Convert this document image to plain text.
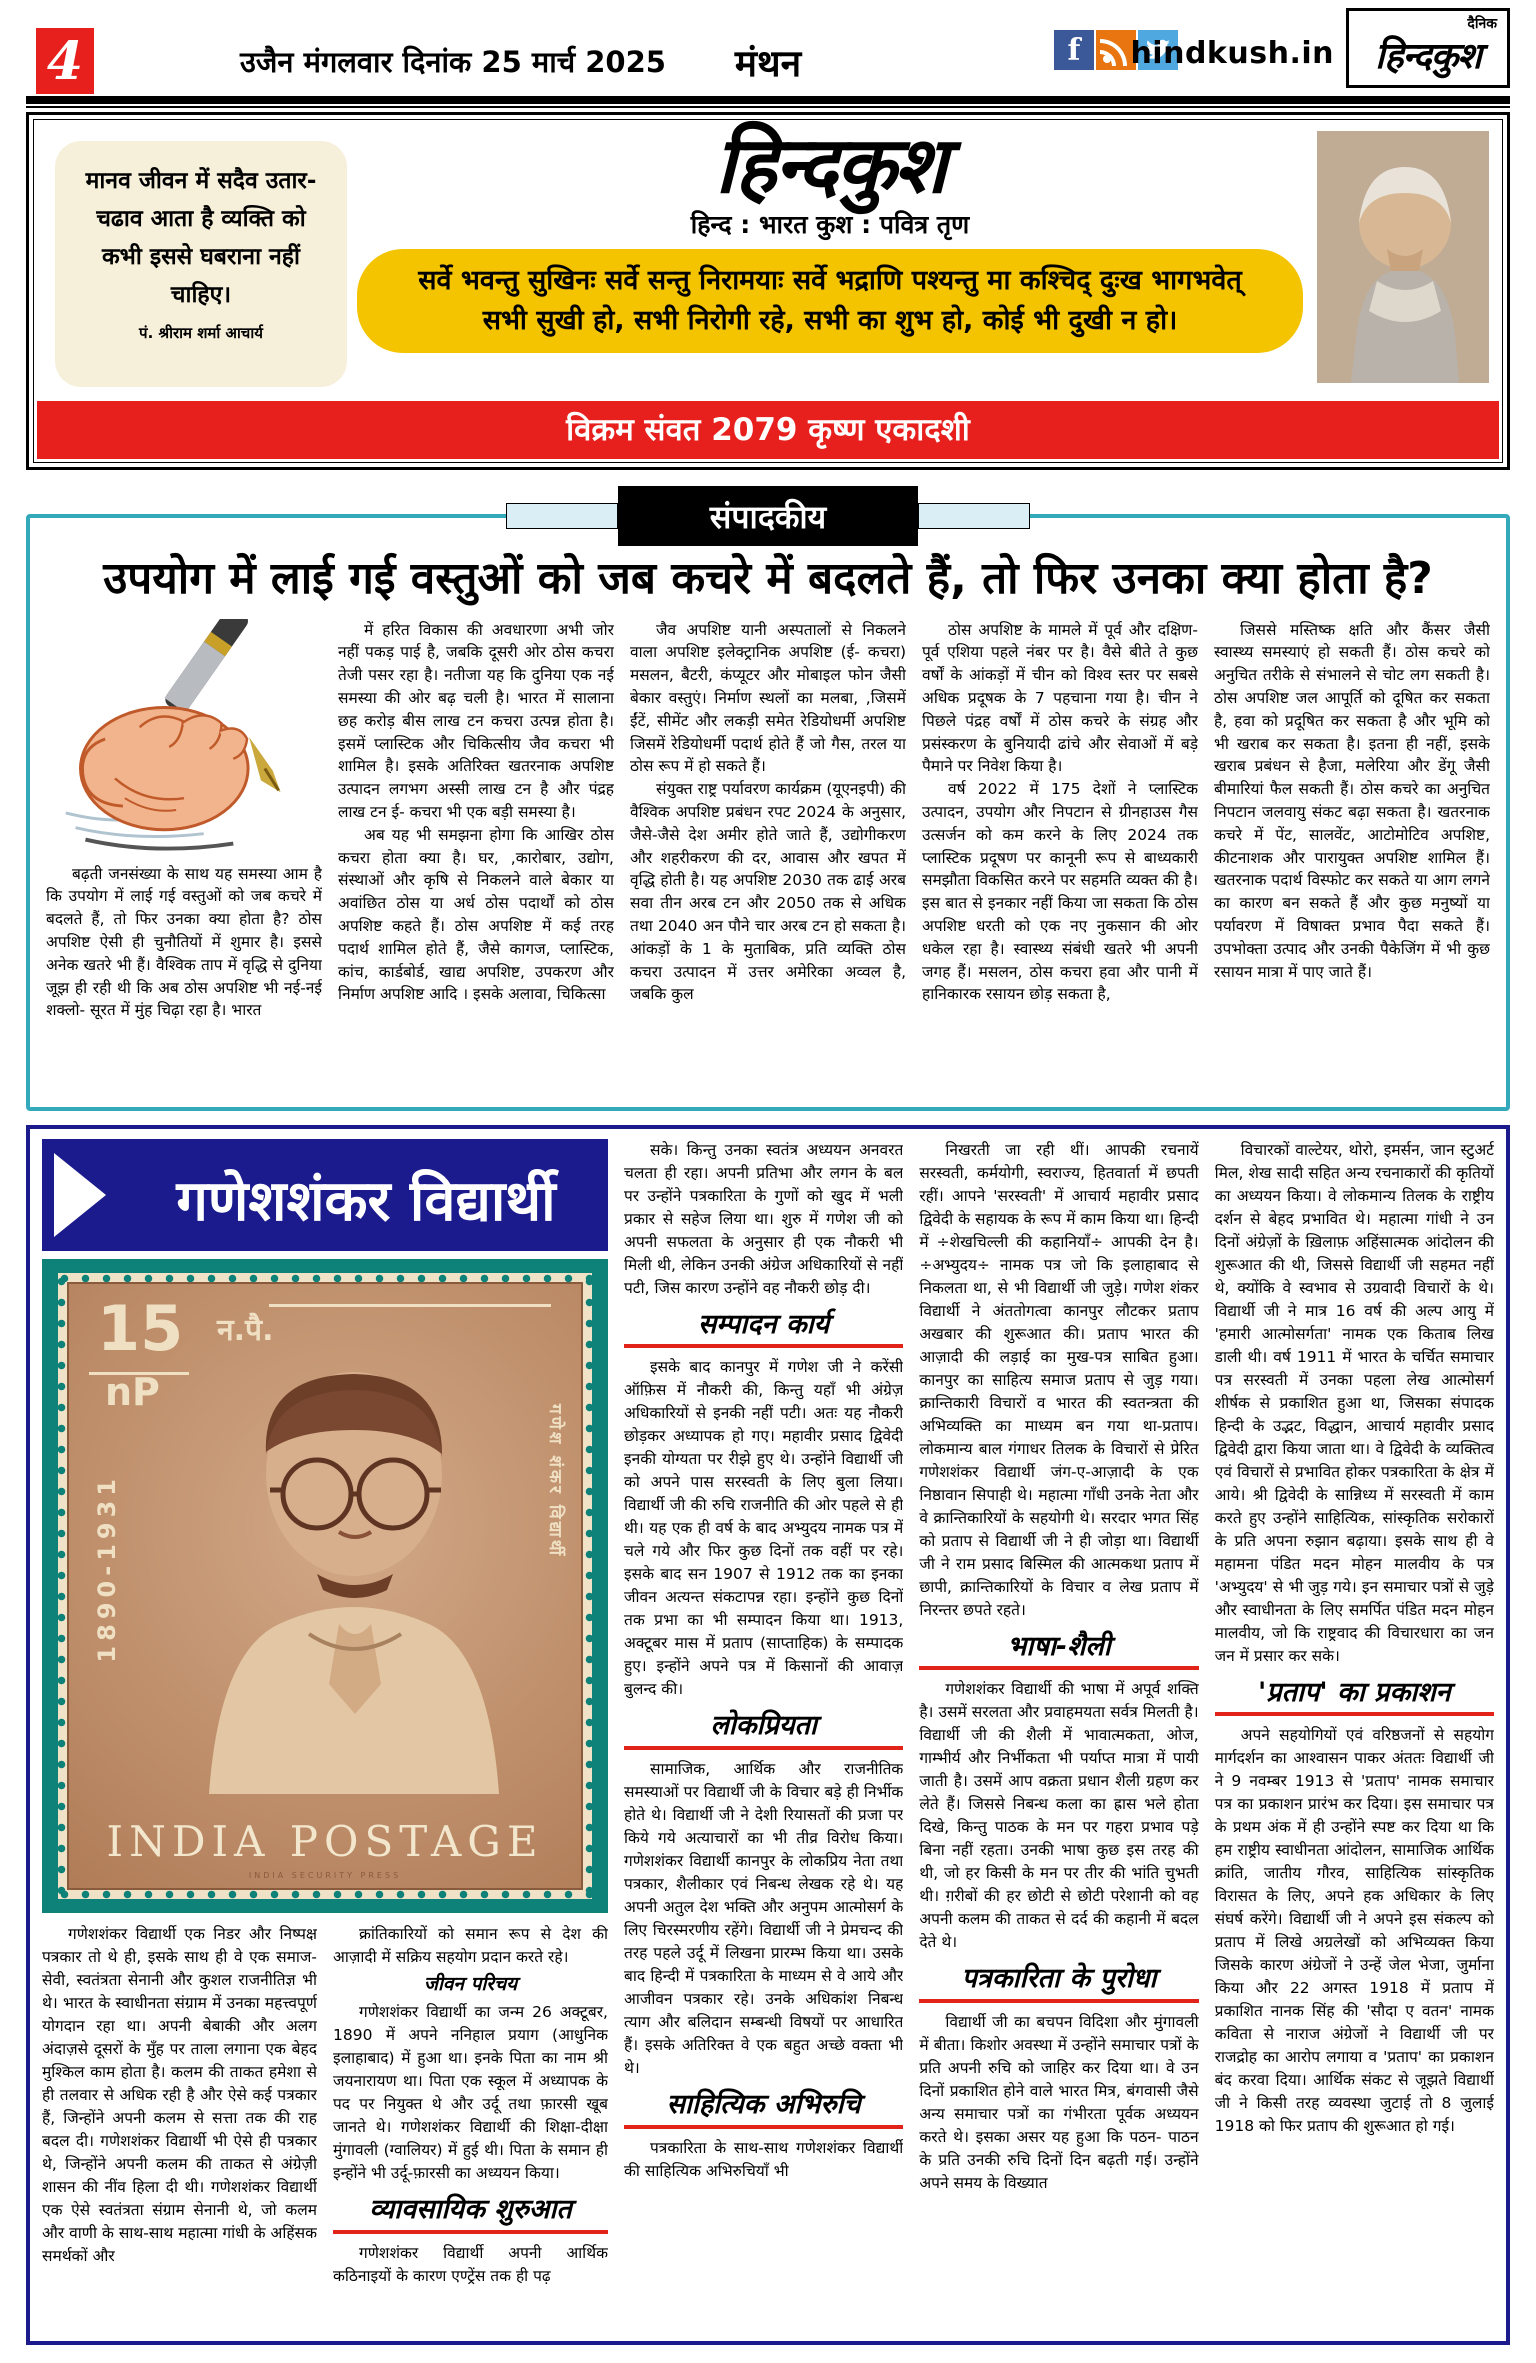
4	उजैन मंगलवार दिनांक 25 मार्च 2025 मंथन	f	hindkush.in
दैनिक
हिन्दकुश
मानव जीवन में सदैव उतार-चढाव आता है व्यक्ति को कभी इससे घबराना नहीं चाहिए।
पं. श्रीराम शर्मा आचार्य
हिन्दकुश
हिन्द : भारत कुश : पवित्र तृण
सर्वे भवन्तु सुखिनः सर्वे सन्तु निरामयाः सर्वे भद्राणि पश्यन्तु मा कश्चिद् दुःख भागभवेत्
सभी सुखी हो, सभी निरोगी रहे, सभी का शुभ हो, कोई भी दुखी न हो।
विक्रम संवत 2079 कृष्ण एकादशी
संपादकीय
उपयोग में लाई गई वस्तुओं को जब कचरे में बदलते हैं, तो फिर उनका क्या होता है?

बढ़ती जनसंख्या के साथ यह समस्या आम है कि उपयोग में लाई गई वस्तुओं को जब कचरे में बदलते हैं, तो फिर उनका क्या होता है? ठोस अपशिष्ट ऐसी ही चुनौतियों में शुमार है। इससे अनेक खतरे भी हैं। वैश्विक ताप में वृद्धि से दुनिया जूझ ही रही थी कि अब ठोस अपशिष्ट भी नई-नई शक्लो- सूरत में मुंह चिढ़ा रहा है। भारत

में हरित विकास की अवधारणा अभी जोर नहीं पकड़ पाई है, जबकि दूसरी ओर ठोस कचरा तेजी पसर रहा है। नतीजा यह कि दुनिया एक नई समस्या की ओर बढ़ चली है। भारत में सालाना छह करोड़ बीस लाख टन कचरा उत्पन्न होता है। इसमें प्लास्टिक और चिकित्सीय जैव कचरा भी शामिल है। इसके अतिरिक्त खतरनाक अपशिष्ट उत्पादन लगभग अस्सी लाख टन है और पंद्रह लाख टन ई- कचरा भी एक बड़ी समस्या है।

अब यह भी समझना होगा कि आखिर ठोस कचरा होता क्या है। घर, ,कारोबार, उद्योग, संस्थाओं और कृषि से निकलने वाले बेकार या अवांछित ठोस या अर्ध ठोस पदार्थों को ठोस अपशिष्ट कहते हैं। ठोस अपशिष्ट में कई तरह पदार्थ शामिल होते हैं, जैसे कागज, प्लास्टिक, कांच, कार्डबोर्ड, खाद्य अपशिष्ट, उपकरण और निर्माण अपशिष्ट आदि । इसके अलावा, चिकित्सा

जैव अपशिष्ट यानी अस्पतालों से निकलने वाला अपशिष्ट इलेक्ट्रानिक अपशिष्ट (ई- कचरा) मसलन, बैटरी, कंप्यूटर और मोबाइल फोन जैसी बेकार वस्तुएं। निर्माण स्थलों का मलबा, ,जिसमें ईंटें, सीमेंट और लकड़ी समेत रेडियोधर्मी अपशिष्ट जिसमें रेडियोधर्मी पदार्थ होते हैं जो गैस, तरल या ठोस रूप में हो सकते हैं।

संयुक्त राष्ट्र पर्यावरण कार्यक्रम (यूएनइपी) की वैश्विक अपशिष्ट प्रबंधन रपट 2024 के अनुसार, जैसे-जैसे देश अमीर होते जाते हैं, उद्योगीकरण और शहरीकरण की दर, आवास और खपत में वृद्धि होती है। यह अपशिष्ट 2030 तक ढाई अरब सवा तीन अरब टन और 2050 तक से अधिक तथा 2040 अन पौने चार अरब टन हो सकता है। आंकड़ों के 1 के मुताबिक, प्रति व्यक्ति ठोस कचरा उत्पादन में उत्तर अमेरिका अव्वल है, जबकि कुल

ठोस अपशिष्ट के मामले में पूर्व और दक्षिण- पूर्व एशिया पहले नंबर पर है। वैसे बीते ते कुछ वर्षों के आंकड़ों में चीन को विश्व स्तर पर सबसे अधिक प्रदूषक के 7 पहचाना गया है। चीन ने पिछले पंद्रह वर्षों में ठोस कचरे के संग्रह और प्रसंस्करण के बुनियादी ढांचे और सेवाओं में बड़े पैमाने पर निवेश किया है।

वर्ष 2022 में 175 देशों ने प्लास्टिक उत्पादन, उपयोग और निपटान से ग्रीनहाउस गैस उत्सर्जन को कम करने के लिए 2024 तक प्लास्टिक प्रदूषण पर कानूनी रूप से बाध्यकारी समझौता विकसित करने पर सहमति व्यक्त की है। इस बात से इनकार नहीं किया जा सकता कि ठोस अपशिष्ट धरती को एक नए नुकसान की ओर धकेल रहा है। स्वास्थ्य संबंधी खतरे भी अपनी जगह हैं। मसलन, ठोस कचरा हवा और पानी में हानिकारक रसायन छोड़ सकता है,

जिससे मस्तिष्क क्षति और कैंसर जैसी स्वास्थ्य समस्याएं हो सकती हैं। ठोस कचरे को अनुचित तरीके से संभालने से चोट लग सकती है। ठोस अपशिष्ट जल आपूर्ति को दूषित कर सकता है, हवा को प्रदूषित कर सकता है और भूमि को भी खराब कर सकता है। इतना ही नहीं, इसके खराब प्रबंधन से हैजा, मलेरिया और डेंगू जैसी बीमारियां फैल सकती हैं। ठोस कचरे का अनुचित निपटान जलवायु संकट बढ़ा सकता है। खतरनाक कचरे में पेंट, सालवेंट, आटोमोटिव अपशिष्ट, कीटनाशक और पारायुक्त अपशिष्ट शामिल हैं। खतरनाक पदार्थ विस्फोट कर सकते या आग लगने का कारण बन सकते हैं और कुछ मनुष्यों या पर्यावरण में विषाक्त प्रभाव पैदा सकते हैं। उपभोक्ता उत्पाद और उनकी पैकेजिंग में भी कुछ रसायन मात्रा में पाए जाते हैं।

गणेशशंकर विद्यार्थी
15 न.पै.
nP
1890-1931	गणेश शंकर विद्यार्थी
INDIA POSTAGE
INDIA SECURITY PRESS

गणेशशंकर विद्यार्थी एक निडर और निष्पक्ष पत्रकार तो थे ही, इसके साथ ही वे एक समाज-सेवी, स्वतंत्रता सेनानी और कुशल राजनीतिज्ञ भी थे। भारत के स्वाधीनता संग्राम में उनका महत्त्वपूर्ण योगदान रहा था। अपनी बेबाकी और अलग अंदाज़से दूसरों के मुँह पर ताला लगाना एक बेहद मुश्किल काम होता है। कलम की ताकत हमेशा से ही तलवार से अधिक रही है और ऐसे कई पत्रकार हैं, जिन्होंने अपनी कलम से सत्ता तक की राह बदल दी। गणेशशंकर विद्यार्थी भी ऐसे ही पत्रकार थे, जिन्होंने अपनी कलम की ताकत से अंग्रेज़ी शासन की नींव हिला दी थी। गणेशशंकर विद्यार्थी एक ऐसे स्वतंत्रता संग्राम सेनानी थे, जो कलम और वाणी के साथ-साथ महात्मा गांधी के अहिंसक समर्थकों और

क्रांतिकारियों को समान रूप से देश की आज़ादी में सक्रिय सहयोग प्रदान करते रहे।

जीवन परिचय

गणेशशंकर विद्यार्थी का जन्म 26 अक्टूबर, 1890 में अपने ननिहाल प्रयाग (आधुनिक इलाहाबाद) में हुआ था। इनके पिता का नाम श्री जयनारायण था। पिता एक स्कूल में अध्यापक के पद पर नियुक्त थे और उर्दू तथा फ़ारसी खूब जानते थे। गणेशशंकर विद्यार्थी की शिक्षा-दीक्षा मुंगावली (ग्वालियर) में हुई थी। पिता के समान ही इन्होंने भी उर्दू-फ़ारसी का अध्ययन किया।

व्यावसायिक शुरुआत

गणेशशंकर विद्यार्थी अपनी आर्थिक कठिनाइयों के कारण एण्ट्रेंस तक ही पढ़

सके। किन्तु उनका स्वतंत्र अध्ययन अनवरत चलता ही रहा। अपनी प्रतिभा और लगन के बल पर उन्होंने पत्रकारिता के गुणों को खुद में भली प्रकार से सहेज लिया था। शुरु में गणेश जी को अपनी सफलता के अनुसार ही एक नौकरी भी मिली थी, लेकिन उनकी अंग्रेज अधिकारियों से नहीं पटी, जिस कारण उन्होंने वह नौकरी छोड़ दी।

सम्पादन कार्य

इसके बाद कानपुर में गणेश जी ने करेंसी ऑफ़िस में नौकरी की, किन्तु यहाँ भी अंग्रेज़ अधिकारियों से इनकी नहीं पटी। अतः यह नौकरी छोड़कर अध्यापक हो गए। महावीर प्रसाद द्विवेदी इनकी योग्यता पर रीझे हुए थे। उन्होंने विद्यार्थी जी को अपने पास सरस्वती के लिए बुला लिया। विद्यार्थी जी की रुचि राजनीति की ओर पहले से ही थी। यह एक ही वर्ष के बाद अभ्युदय नामक पत्र में चले गये और फिर कुछ दिनों तक वहीं पर रहे। इसके बाद सन 1907 से 1912 तक का इनका जीवन अत्यन्त संकटापन्न रहा। इन्होंने कुछ दिनों तक प्रभा का भी सम्पादन किया था। 1913, अक्टूबर मास में प्रताप (साप्ताहिक) के सम्पादक हुए। इन्होंने अपने पत्र में किसानों की आवाज़ बुलन्द की।

लोकप्रियता

सामाजिक, आर्थिक और राजनीतिक समस्याओं पर विद्यार्थी जी के विचार बड़े ही निर्भीक होते थे। विद्यार्थी जी ने देशी रियासतों की प्रजा पर किये गये अत्याचारों का भी तीव्र विरोध किया। गणेशशंकर विद्यार्थी कानपुर के लोकप्रिय नेता तथा पत्रकार, शैलीकार एवं निबन्ध लेखक रहे थे। यह अपनी अतुल देश भक्ति और अनुपम आत्मोसर्ग के लिए चिरस्मरणीय रहेंगे। विद्यार्थी जी ने प्रेमचन्द की तरह पहले उर्दू में लिखना प्रारम्भ किया था। उसके बाद हिन्दी में पत्रकारिता के माध्यम से वे आये और आजीवन पत्रकार रहे। उनके अधिकांश निबन्ध त्याग और बलिदान सम्बन्धी विषयों पर आधारित हैं। इसके अतिरिक्त वे एक बहुत अच्छे वक्ता भी थे।

साहित्यिक अभिरुचि

पत्रकारिता के साथ-साथ गणेशशंकर विद्यार्थी की साहित्यिक अभिरुचियाँ भी

निखरती जा रही थीं। आपकी रचनायें सरस्वती, कर्मयोगी, स्वराज्य, हितवार्ता में छपती रहीं। आपने 'सरस्वती' में आचार्य महावीर प्रसाद द्विवेदी के सहायक के रूप में काम किया था। हिन्दी में ÷शेखचिल्ली की कहानियाँ÷ आपकी देन है। ÷अभ्युदय÷ नामक पत्र जो कि इलाहाबाद से निकलता था, से भी विद्यार्थी जी जुड़े। गणेश शंकर विद्यार्थी ने अंततोगत्वा कानपुर लौटकर प्रताप अखबार की शुरूआत की। प्रताप भारत की आज़ादी की लड़ाई का मुख-पत्र साबित हुआ। कानपुर का साहित्य समाज प्रताप से जुड़ गया। क्रान्तिकारी विचारों व भारत की स्वतन्त्रता की अभिव्यक्ति का माध्यम बन गया था-प्रताप। लोकमान्य बाल गंगाधर तिलक के विचारों से प्रेरित गणेशशंकर विद्यार्थी जंग-ए-आज़ादी के एक निष्ठावान सिपाही थे। महात्मा गाँधी उनके नेता और वे क्रान्तिकारियों के सहयोगी थे। सरदार भगत सिंह को प्रताप से विद्यार्थी जी ने ही जोड़ा था। विद्यार्थी जी ने राम प्रसाद बिस्मिल की आत्मकथा प्रताप में छापी, क्रान्तिकारियों के विचार व लेख प्रताप में निरन्तर छपते रहते।

भाषा-शैली

गणेशशंकर विद्यार्थी की भाषा में अपूर्व शक्ति है। उसमें सरलता और प्रवाहमयता सर्वत्र मिलती है। विद्यार्थी जी की शैली में भावात्मकता, ओज, गाम्भीर्य और निर्भीकता भी पर्याप्त मात्रा में पायी जाती है। उसमें आप वक्रता प्रधान शैली ग्रहण कर लेते हैं। जिससे निबन्ध कला का ह्रास भले होता दिखे, किन्तु पाठक के मन पर गहरा प्रभाव पड़े बिना नहीं रहता। उनकी भाषा कुछ इस तरह की थी, जो हर किसी के मन पर तीर की भांति चुभती थी। ग़रीबों की हर छोटी से छोटी परेशानी को वह अपनी कलम की ताकत से दर्द की कहानी में बदल देते थे।

पत्रकारिता के पुरोधा

विद्यार्थी जी का बचपन विदिशा और मुंगावली में बीता। किशोर अवस्था में उन्होंने समाचार पत्रों के प्रति अपनी रुचि को जाहिर कर दिया था। वे उन दिनों प्रकाशित होने वाले भारत मित्र, बंगवासी जैसे अन्य समाचार पत्रों का गंभीरता पूर्वक अध्ययन करते थे। इसका असर यह हुआ कि पठन- पाठन के प्रति उनकी रुचि दिनों दिन बढ़ती गई। उन्होंने अपने समय के विख्यात

विचारकों वाल्टेयर, थोरो, इमर्सन, जान स्टुअर्ट मिल, शेख सादी सहित अन्य रचनाकारों की कृतियों का अध्ययन किया। वे लोकमान्य तिलक के राष्ट्रीय दर्शन से बेहद प्रभावित थे। महात्मा गांधी ने उन दिनों अंग्रेज़ों के ख़िलाफ़ अहिंसात्मक आंदोलन की शुरूआत की थी, जिससे विद्यार्थी जी सहमत नहीं थे, क्योंकि वे स्वभाव से उग्रवादी विचारों के थे। विद्यार्थी जी ने मात्र 16 वर्ष की अल्प आयु में 'हमारी आत्मोसर्गता' नामक एक किताब लिख डाली थी। वर्ष 1911 में भारत के चर्चित समाचार पत्र सरस्वती में उनका पहला लेख आत्मोसर्ग शीर्षक से प्रकाशित हुआ था, जिसका संपादक हिन्दी के उद्भट, विद्धान, आचार्य महावीर प्रसाद द्विवेदी द्वारा किया जाता था। वे द्विवेदी के व्यक्तित्व एवं विचारों से प्रभावित होकर पत्रकारिता के क्षेत्र में आये। श्री द्विवेदी के सान्निध्य में सरस्वती में काम करते हुए उन्होंने साहित्यिक, सांस्कृतिक सरोकारों के प्रति अपना रुझान बढ़ाया। इसके साथ ही वे महामना पंडित मदन मोहन मालवीय के पत्र 'अभ्युदय' से भी जुड़ गये। इन समाचार पत्रों से जुड़े और स्वाधीनता के लिए समर्पित पंडित मदन मोहन मालवीय, जो कि राष्ट्रवाद की विचारधारा का जन जन में प्रसार कर सके।

'प्रताप' का प्रकाशन

अपने सहयोगियों एवं वरिष्ठजनों से सहयोग मार्गदर्शन का आश्वासन पाकर अंततः विद्यार्थी जी ने 9 नवम्बर 1913 से 'प्रताप' नामक समाचार पत्र का प्रकाशन प्रारंभ कर दिया। इस समाचार पत्र के प्रथम अंक में ही उन्होंने स्पष्ट कर दिया था कि हम राष्ट्रीय स्वाधीनता आंदोलन, सामाजिक आर्थिक क्रांति, जातीय गौरव, साहित्यिक सांस्कृतिक विरासत के लिए, अपने हक अधिकार के लिए संघर्ष करेंगे। विद्यार्थी जी ने अपने इस संकल्प को प्रताप में लिखे अग्रलेखों को अभिव्यक्त किया जिसके कारण अंग्रेजों ने उन्हें जेल भेजा, जुर्माना किया और 22 अगस्त 1918 में प्रताप में प्रकाशित नानक सिंह की 'सौदा ए वतन' नामक कविता से नाराज अंग्रेजों ने विद्यार्थी जी पर राजद्रोह का आरोप लगाया व 'प्रताप' का प्रकाशन बंद करवा दिया। आर्थिक संकट से जूझते विद्यार्थी जी ने किसी तरह व्यवस्था जुटाई तो 8 जुलाई 1918 को फिर प्रताप की शुरूआत हो गई।
